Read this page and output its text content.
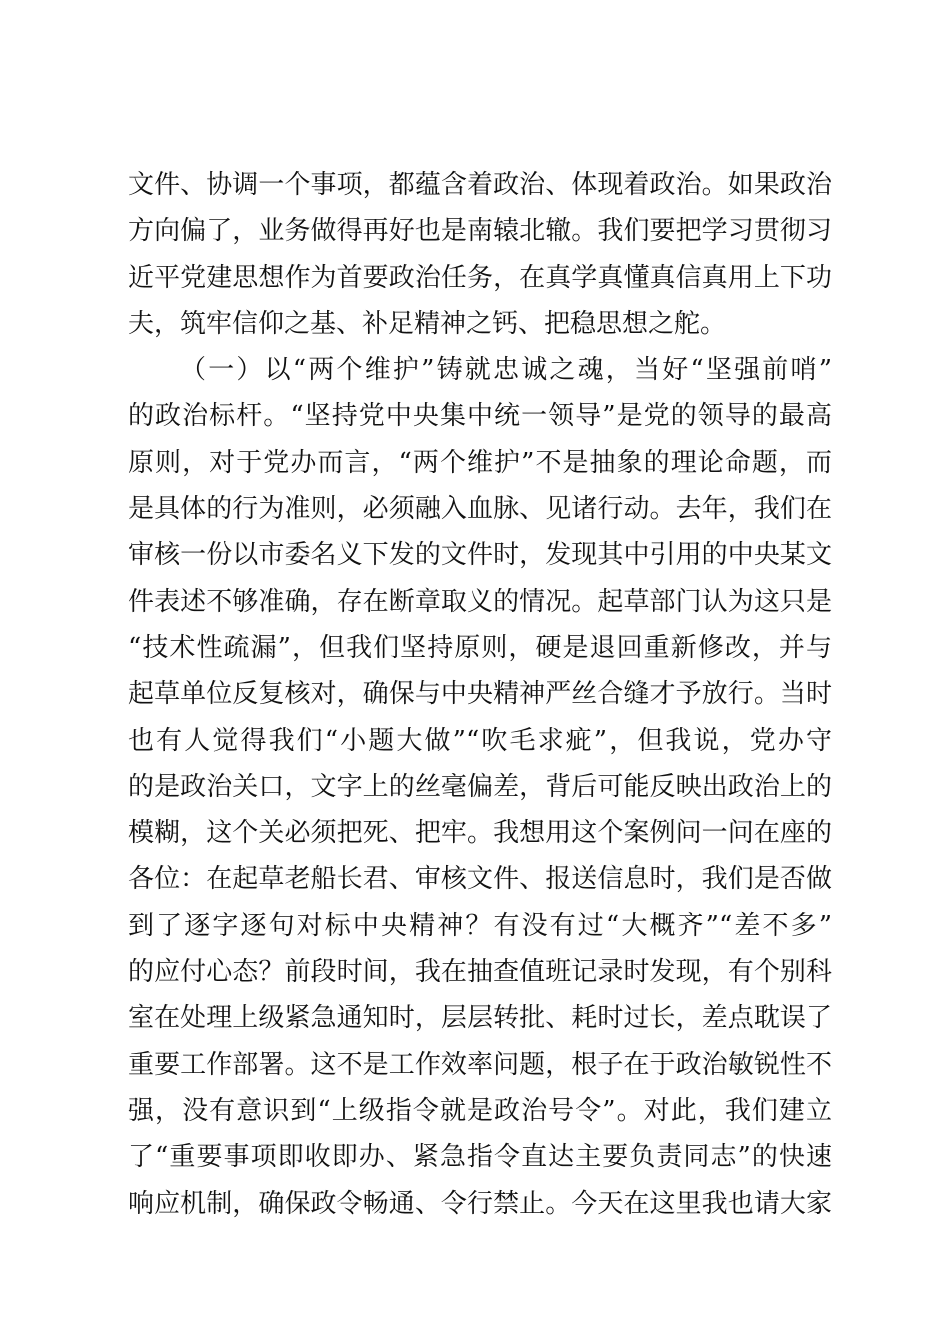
文件、协调一个事项，都蕴含着政治、体现着政治。如果政治
方向偏了，业务做得再好也是南辕北辙。我们要把学习贯彻习
近平党建思想作为首要政治任务，在真学真懂真信真用上下功
夫，筑牢信仰之基、补足精神之钙、把稳思想之舵。
（一）以“两个维护”铸就忠诚之魂，当好“坚强前哨”
的政治标杆。“坚持党中央集中统一领导”是党的领导的最高
原则，对于党办而言，“两个维护”不是抽象的理论命题，而
是具体的行为准则，必须融入血脉、见诸行动。去年，我们在
审核一份以市委名义下发的文件时，发现其中引用的中央某文
件表述不够准确，存在断章取义的情况。起草部门认为这只是
“技术性疏漏”，但我们坚持原则，硬是退回重新修改，并与
起草单位反复核对，确保与中央精神严丝合缝才予放行。当时
也有人觉得我们“小题大做”“吹毛求疵”，但我说，党办守
的是政治关口，文字上的丝毫偏差，背后可能反映出政治上的
模糊，这个关必须把死、把牢。我想用这个案例问一问在座的
各位：在起草老船长君、审核文件、报送信息时，我们是否做
到了逐字逐句对标中央精神？有没有过“大概齐”“差不多”
的应付心态？前段时间，我在抽查值班记录时发现，有个别科
室在处理上级紧急通知时，层层转批、耗时过长，差点耽误了
重要工作部署。这不是工作效率问题，根子在于政治敏锐性不
强，没有意识到“上级指令就是政治号令”。对此，我们建立
了“重要事项即收即办、紧急指令直达主要负责同志”的快速
响应机制，确保政令畅通、令行禁止。今天在这里我也请大家
